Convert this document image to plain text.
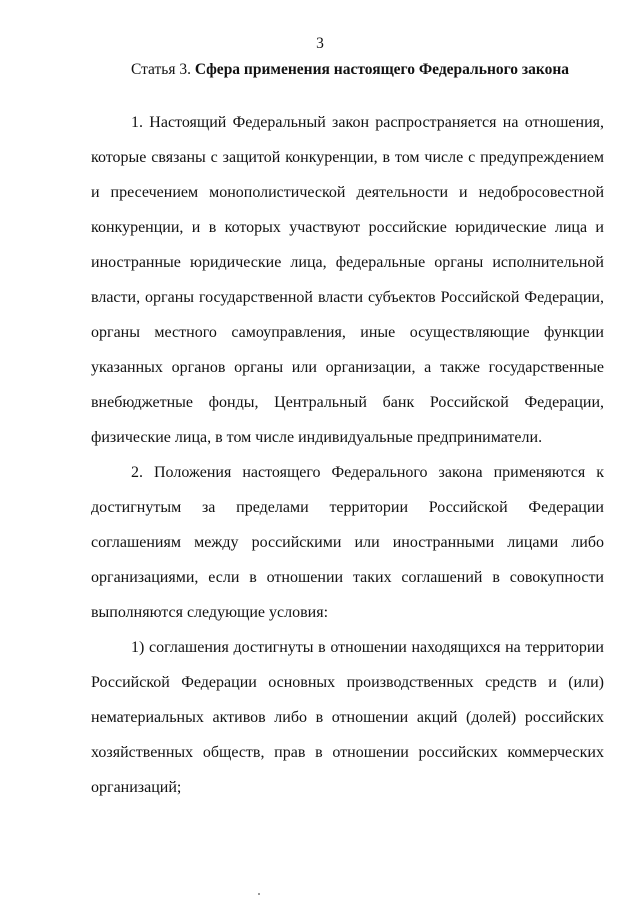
3
Статья 3. Сфера применения настоящего Федерального закона

1. Настоящий Федеральный закон распространяется на отношения, которые связаны с защитой конкуренции, в том числе с предупреждением и пресечением монополистической деятельности и недобросовестной конкуренции, и в которых участвуют российские юридические лица и иностранные юридические лица, федеральные органы исполнительной власти, органы государственной власти субъектов Российской Федерации, органы местного самоуправления, иные осуществляющие функции указанных органов органы или организации, а также государственные внебюджетные фонды, Центральный банк Российской Федерации, физические лица, в том числе индивидуальные предприниматели.

2. Положения настоящего Федерального закона применяются к достигнутым за пределами территории Российской Федерации соглашениям между российскими или иностранными лицами либо организациями, если в отношении таких соглашений в совокупности выполняются следующие условия:

1) соглашения достигнуты в отношении находящихся на территории Российской Федерации основных производственных средств и (или) нематериальных активов либо в отношении акций (долей) российских хозяйственных обществ, прав в отношении российских коммерческих организаций;
